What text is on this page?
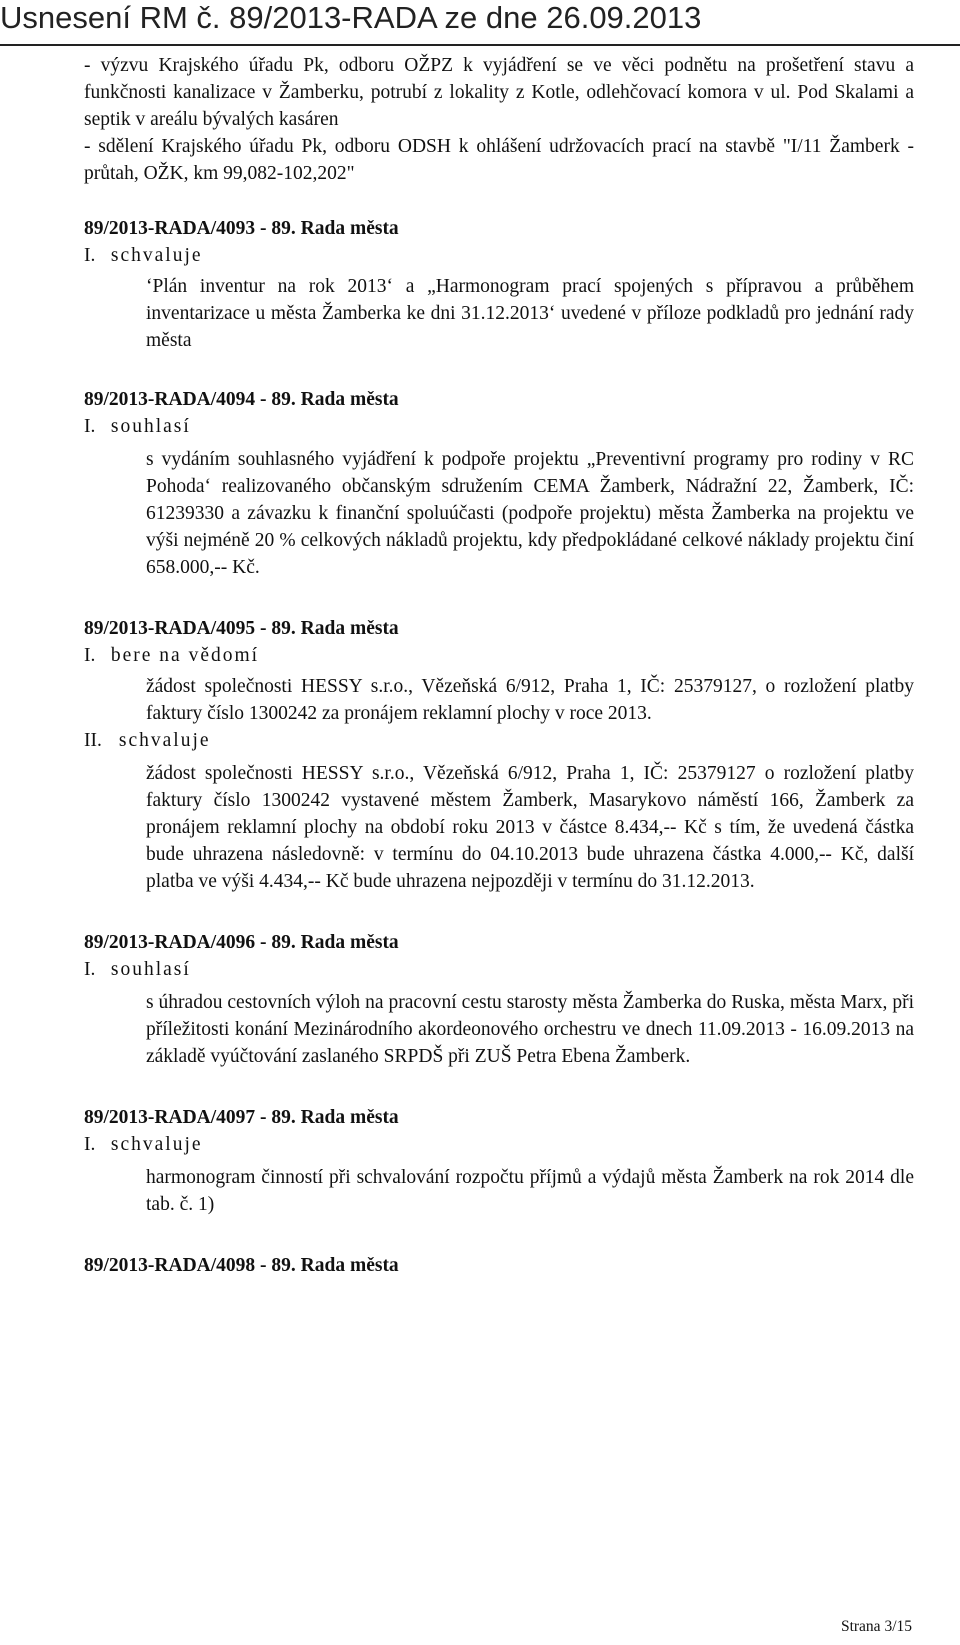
Usnesení RM č. 89/2013-RADA ze dne 26.09.2013

- výzvu Krajského úřadu Pk, odboru OŽPZ k vyjádření se ve věci podnětu na prošetření stavu a funkčnosti kanalizace v Žamberku, potrubí z lokality z Kotle, odlehčovací komora v ul. Pod Skalami a septik v areálu bývalých kasáren

- sdělení Krajského úřadu Pk, odboru ODSH k ohlášení udržovacích prací na stavbě "I/11 Žamberk - průtah, OŽK, km 99,082-102,202"

89/2013-RADA/4093 - 89. Rada města

I. schvaluje

‘Plán inventur na rok 2013‘ a „Harmonogram prací spojených s přípravou a průběhem inventarizace u města Žamberka ke dni 31.12.2013‘ uvedené v příloze podkladů pro jednání rady města

89/2013-RADA/4094 - 89. Rada města

I. souhlasí

s vydáním souhlasného vyjádření k podpoře projektu „Preventivní programy pro rodiny v RC Pohoda‘ realizovaného občanským sdružením CEMA Žamberk, Nádražní 22, Žamberk, IČ: 61239330 a závazku k finanční spoluúčasti (podpoře projektu) města Žamberka na projektu ve výši nejméně 20 % celkových nákladů projektu, kdy předpokládané celkové náklady projektu činí 658.000,-- Kč.

89/2013-RADA/4095 - 89. Rada města

I. bere na vědomí

žádost společnosti HESSY s.r.o., Vězeňská 6/912, Praha 1, IČ: 25379127, o rozložení platby faktury číslo 1300242 za pronájem reklamní plochy v roce 2013.

II. schvaluje

žádost společnosti HESSY s.r.o., Vězeňská 6/912, Praha 1, IČ: 25379127 o rozložení platby faktury číslo 1300242 vystavené městem Žamberk, Masarykovo náměstí 166, Žamberk za pronájem reklamní plochy na období roku 2013 v částce 8.434,-- Kč s tím, že uvedená částka bude uhrazena následovně: v termínu do 04.10.2013 bude uhrazena částka 4.000,-- Kč, další platba ve výši 4.434,-- Kč bude uhrazena nejpozději v termínu do 31.12.2013.

89/2013-RADA/4096 - 89. Rada města

I. souhlasí

s úhradou cestovních výloh na pracovní cestu starosty města Žamberka do Ruska, města Marx, při příležitosti konání Mezinárodního akordeonového orchestru ve dnech 11.09.2013 - 16.09.2013 na základě vyúčtování zaslaného SRPDŠ při ZUŠ Petra Ebena Žamberk.

89/2013-RADA/4097 - 89. Rada města

I. schvaluje

harmonogram činností při schvalování rozpočtu příjmů a výdajů města Žamberk na rok 2014 dle tab. č. 1)

89/2013-RADA/4098 - 89. Rada města

Strana 3/15
